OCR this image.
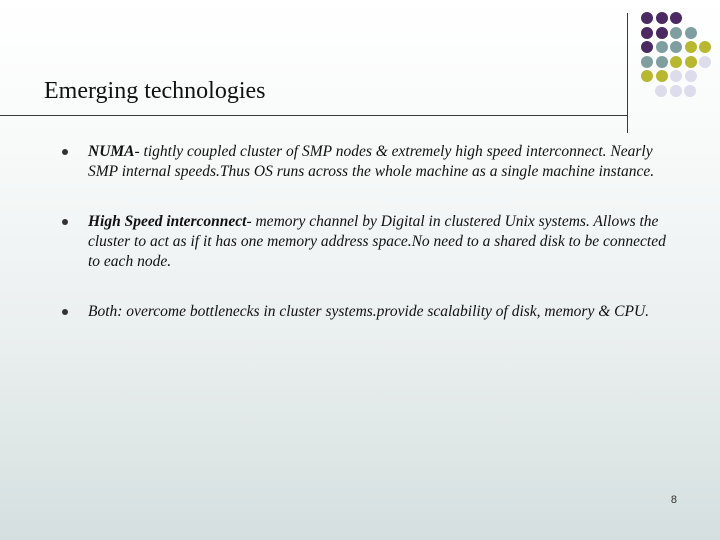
Emerging technologies
NUMA- tightly coupled cluster of SMP nodes & extremely high speed interconnect. Nearly SMP internal speeds.Thus OS runs across the whole machine as a single machine instance.
High Speed interconnect- memory channel by Digital in clustered Unix systems. Allows the cluster to act as if it has one memory address space.No need to a shared disk to be connected to each node.
Both: overcome bottlenecks in cluster systems.provide scalability of disk, memory & CPU.
8
